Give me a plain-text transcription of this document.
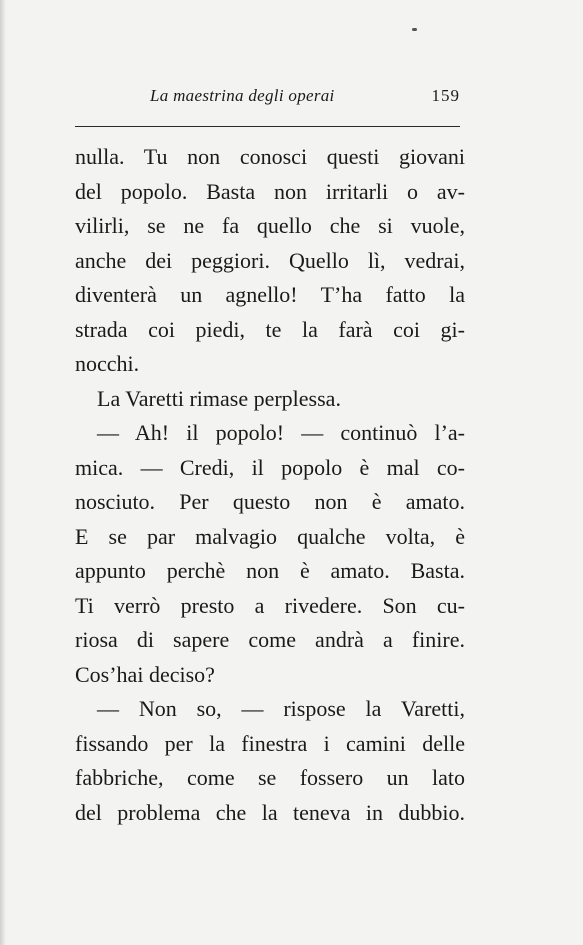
La maestrina degli operai	159
nulla. Tu non conosci questi giovani
del popolo. Basta non irritarli o av-
vilirli, se ne fa quello che si vuole,
anche dei peggiori. Quello lì, vedrai,
diventerà un agnello! T’ha fatto la
strada coi piedi, te la farà coi gi-
nocchi.
La Varetti rimase perplessa.
— Ah! il popolo! — continuò l’a-
mica. — Credi, il popolo è mal co-
nosciuto. Per questo non è amato.
E se par malvagio qualche volta, è
appunto perchè non è amato. Basta.
Ti verrò presto a rivedere. Son cu-
riosa di sapere come andrà a finire.
Cos’hai deciso?
— Non so, — rispose la Varetti,
fissando per la finestra i camini delle
fabbriche, come se fossero un lato
del problema che la teneva in dubbio.
